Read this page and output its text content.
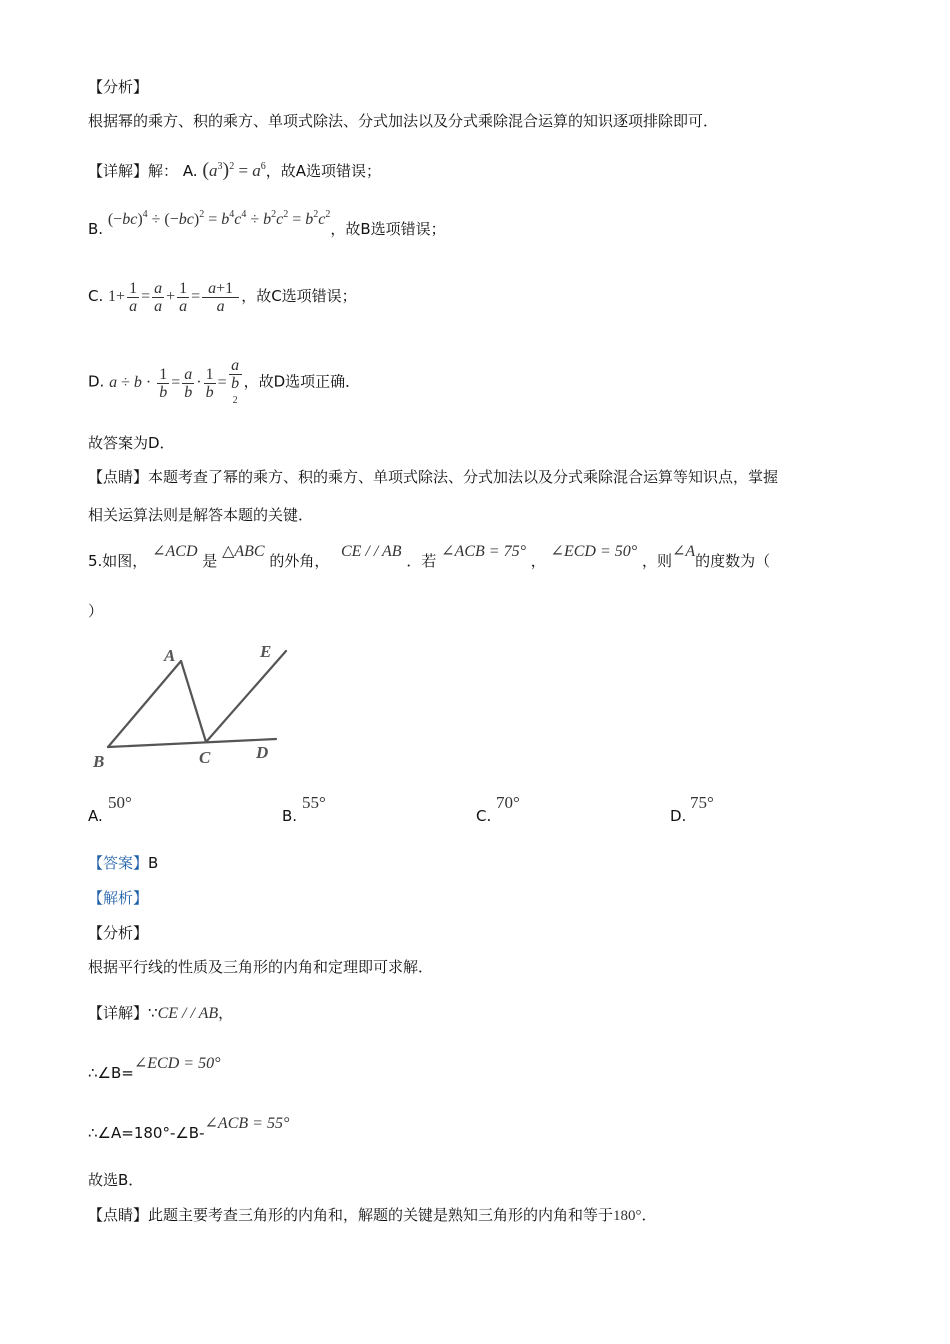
【分析】
根据幂的乘方、积的乘方、单项式除法、分式加法以及分式乘除混合运算的知识逐项排除即可．
【详解】解： A. $(a^3)^2 = a^6$，故A选项错误；
B. $(-bc)^4 \div (-bc)^2 = b^4c^4 \div b^2c^2 = b^2c^2$，故B选项错误；
C. $1+ \frac{1}{a} = \frac{a}{a} + \frac{1}{a} = \frac{a+1}{a}$ ，故C选项错误；
D. $a \div b \cdot \frac{1}{b} = \frac{a}{b} \cdot \frac{1}{b} = a$
b
2 ，故D选项正确．
故答案为D．
【点睛】本题考查了幂的乘方、积的乘方、单项式除法、分式加法以及分式乘除混合运算等知识点，掌握
相关运算法则是解答本题的关键．
5.如图， ∠ACD 是 △ABC 的外角，  CE / / AB ．若 ∠ACB = 75° ， ∠ECD = 50° ，则∠A的度数为（
）
A
B	C	D
E
A.
50°
B.
55°
C.
70°
D.
75°
【答案】B
【解析】
【分析】
根据平行线的性质及三角形的内角和定理即可求解．
【详解】∵CE / / AB，
∴∠B=∠ECD = 50°
∴∠A=180°-∠B-∠ACB = 55°
故选B．
【点睛】此题主要考查三角形的内角和，解题的关键是熟知三角形的内角和等于180°．
